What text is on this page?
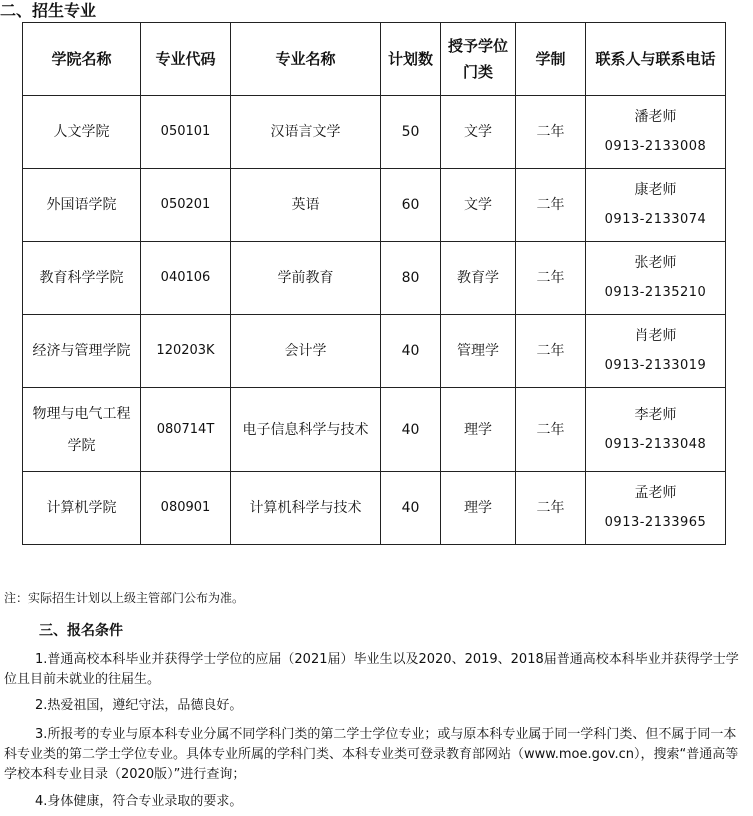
二、招生专业
学院名称	专业代码	专业名称	计划数	授予学位门类	学制	联系人与联系电话
人文学院	050101	汉语言文学	50	文学	二年	潘老师
0913-2133008

外国语学院	050201	英语	60	文学	二年	康老师
0913-2133074

教育科学学院	040106	学前教育	80	教育学	二年	张老师
0913-2135210

经济与管理学院	120203K	会计学	40	管理学	二年	肖老师
0913-2133019

物理与电气工程学院	080714T	电子信息科学与技术	40	理学	二年	李老师
0913-2133048

计算机学院	080901	计算机科学与技术	40	理学	二年	孟老师
0913-2133965
注：实际招生计划以上级主管部门公布为准。
三、报名条件

1.普通高校本科毕业并获得学士学位的应届（2021届）毕业生以及2020、2019、2018届普通高校本科毕业并获得学士学位且目前未就业的往届生。

2.热爱祖国，遵纪守法，品德良好。

3.所报考的专业与原本科专业分属不同学科门类的第二学士学位专业；或与原本科专业属于同一学科门类、但不属于同一本科专业类的第二学士学位专业。具体专业所属的学科门类、本科专业类可登录教育部网站（www.moe.gov.cn），搜索“普通高等学校本科专业目录（2020版）”进行查询；

4.身体健康，符合专业录取的要求。
